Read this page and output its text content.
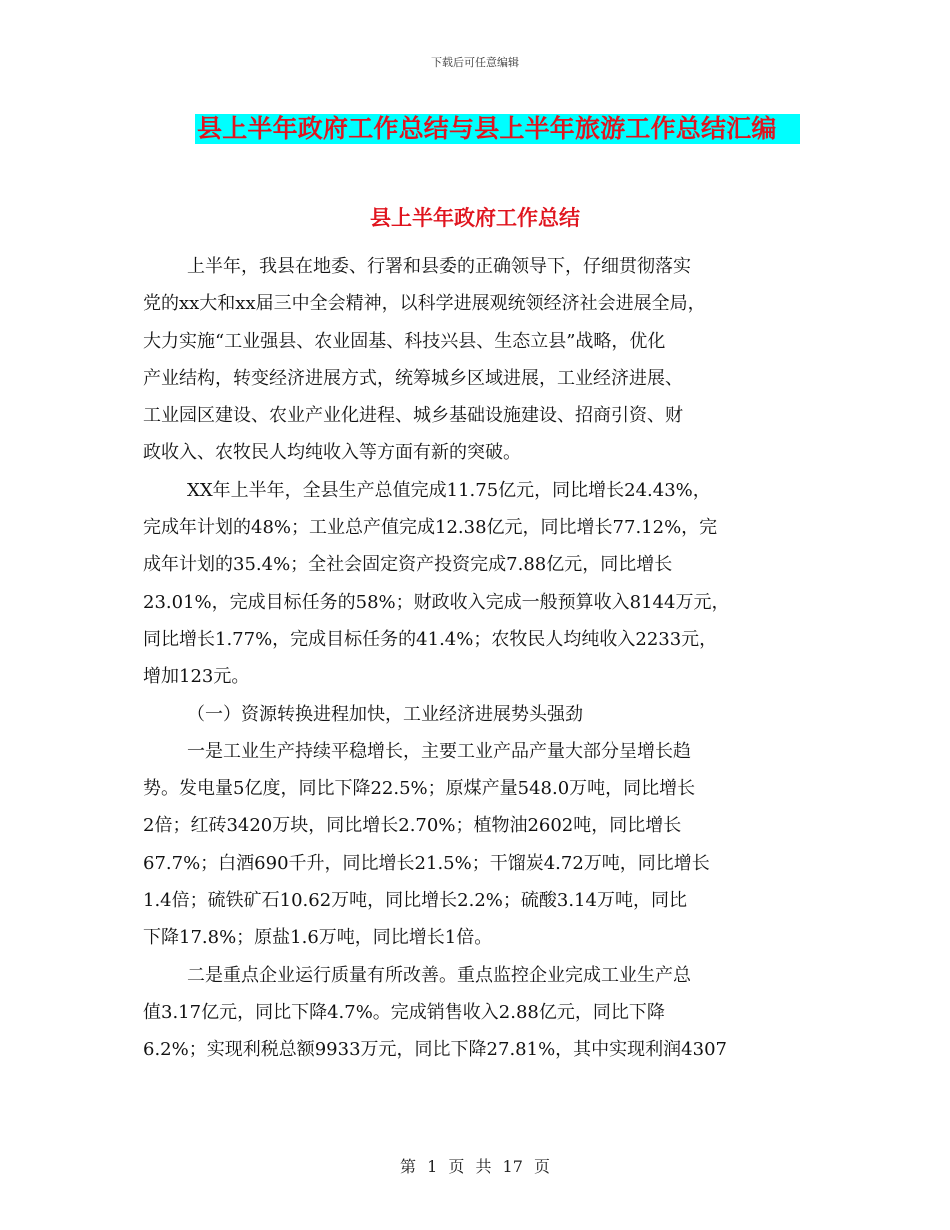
下载后可任意编辑
县上半年政府工作总结与县上半年旅游工作总结汇编
县上半年政府工作总结
上半年，我县在地委、行署和县委的正确领导下，仔细贯彻落实
党的xx大和xx届三中全会精神，以科学进展观统领经济社会进展全局，
大力实施“工业强县、农业固基、科技兴县、生态立县”战略，优化
产业结构，转变经济进展方式，统筹城乡区域进展，工业经济进展、
工业园区建设、农业产业化进程、城乡基础设施建设、招商引资、财
政收入、农牧民人均纯收入等方面有新的突破。
XX年上半年，全县生产总值完成11.75亿元，同比增长24.43%，
完成年计划的48%；工业总产值完成12.38亿元，同比增长77.12%，完
成年计划的35.4%；全社会固定资产投资完成7.88亿元，同比增长
23.01%，完成目标任务的58%；财政收入完成一般预算收入8144万元，
同比增长1.77%，完成目标任务的41.4%；农牧民人均纯收入2233元，
增加123元。
（一）资源转换进程加快，工业经济进展势头强劲
一是工业生产持续平稳增长，主要工业产品产量大部分呈增长趋
势。发电量5亿度，同比下降22.5%；原煤产量548.0万吨，同比增长
2倍；红砖3420万块，同比增长2.70%；植物油2602吨，同比增长
67.7%；白酒690千升，同比增长21.5%；干馏炭4.72万吨，同比增长
1.4倍；硫铁矿石10.62万吨，同比增长2.2%；硫酸3.14万吨，同比
下降17.8%；原盐1.6万吨，同比增长1倍。
二是重点企业运行质量有所改善。重点监控企业完成工业生产总
值3.17亿元，同比下降4.7%。完成销售收入2.88亿元，同比下降
6.2%；实现利税总额9933万元，同比下降27.81%，其中实现利润4307
第 1 页 共 17 页
